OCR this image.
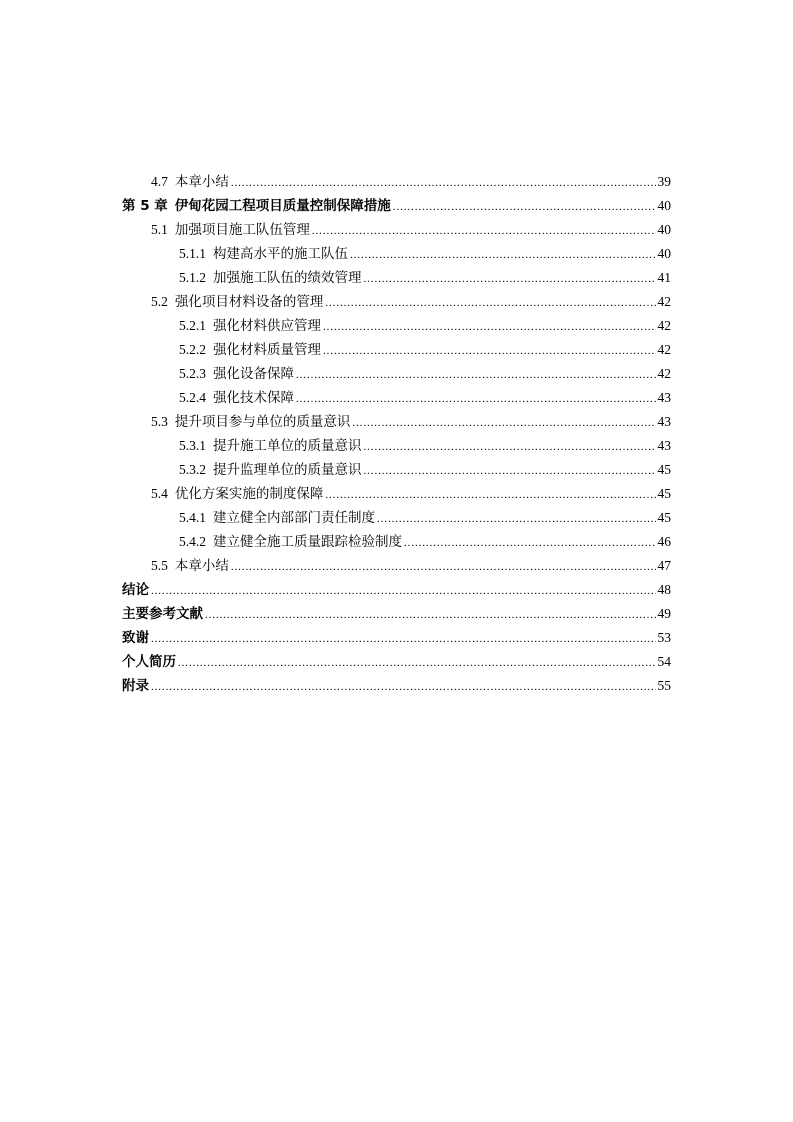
4.7 本章小结 .....	39
第 5 章 伊甸花园工程项目质量控制保障措施 .....	40
5.1 加强项目施工队伍管理 .....	40
5.1.1 构建高水平的施工队伍 .....	40
5.1.2 加强施工队伍的绩效管理 .....	41
5.2 强化项目材料设备的管理 .....	42
5.2.1 强化材料供应管理 .....	42
5.2.2 强化材料质量管理 .....	42
5.2.3 强化设备保障 .....	42
5.2.4 强化技术保障 .....	43
5.3 提升项目参与单位的质量意识 .....	43
5.3.1 提升施工单位的质量意识 .....	43
5.3.2 提升监理单位的质量意识 .....	45
5.4 优化方案实施的制度保障 .....	45
5.4.1 建立健全内部部门责任制度 .....	45
5.4.2 建立健全施工质量跟踪检验制度 .....	46
5.5 本章小结 .....	47
结论 .....	48
主要参考文献 .....	49
致谢 .....	53
个人简历 .....	54
附录 .....	55
